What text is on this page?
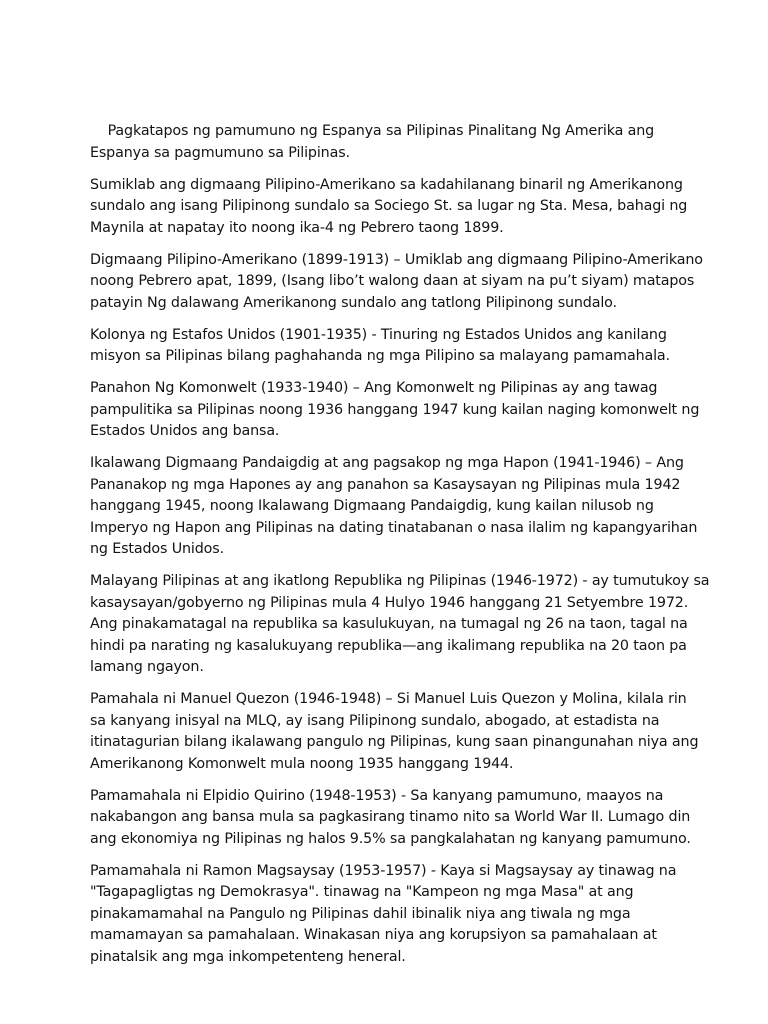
Pagkatapos ng pamumuno ng Espanya sa Pilipinas Pinalitang Ng Amerika ang
Espanya sa pagmumuno sa Pilipinas.

Sumiklab ang digmaang Pilipino-Amerikano sa kadahilanang binaril ng Amerikanong
sundalo ang isang Pilipinong sundalo sa Sociego St. sa lugar ng Sta. Mesa, bahagi ng
Maynila at napatay ito noong ika-4 ng Pebrero taong 1899.

Digmaang Pilipino-Amerikano (1899-1913) – Umiklab ang digmaang Pilipino-Amerikano
noong Pebrero apat, 1899, (Isang libo’t walong daan at siyam na pu’t siyam) matapos
patayin Ng dalawang Amerikanong sundalo ang tatlong Pilipinong sundalo.

Kolonya ng Estafos Unidos (1901-1935) - Tinuring ng Estados Unidos ang kanilang
misyon sa Pilipinas bilang paghahanda ng mga Pilipino sa malayang pamamahala.

Panahon Ng Komonwelt (1933-1940) – Ang Komonwelt ng Pilipinas ay ang tawag
pampulitika sa Pilipinas noong 1936 hanggang 1947 kung kailan naging komonwelt ng
Estados Unidos ang bansa.

Ikalawang Digmaang Pandaigdig at ang pagsakop ng mga Hapon (1941-1946) – Ang
Pananakop ng mga Hapones ay ang panahon sa Kasaysayan ng Pilipinas mula 1942
hanggang 1945, noong Ikalawang Digmaang Pandaigdig, kung kailan nilusob ng
Imperyo ng Hapon ang Pilipinas na dating tinatabanan o nasa ilalim ng kapangyarihan
ng Estados Unidos.

Malayang Pilipinas at ang ikatlong Republika ng Pilipinas (1946-1972) - ay tumutukoy sa
kasaysayan/gobyerno ng Pilipinas mula 4 Hulyo 1946 hanggang 21 Setyembre 1972.
Ang pinakamatagal na republika sa kasulukuyan, na tumagal ng 26 na taon, tagal na
hindi pa narating ng kasalukuyang republika—ang ikalimang republika na 20 taon pa
lamang ngayon.

Pamahala ni Manuel Quezon (1946-1948) – Si Manuel Luis Quezon y Molina, kilala rin
sa kanyang inisyal na MLQ, ay isang Pilipinong sundalo, abogado, at estadista na
itinatagurian bilang ikalawang pangulo ng Pilipinas, kung saan pinangunahan niya ang
Amerikanong Komonwelt mula noong 1935 hanggang 1944.

Pamamahala ni Elpidio Quirino (1948-1953) - Sa kanyang pamumuno, maayos na
nakabangon ang bansa mula sa pagkasirang tinamo nito sa World War II. Lumago din
ang ekonomiya ng Pilipinas ng halos 9.5% sa pangkalahatan ng kanyang pamumuno.

Pamamahala ni Ramon Magsaysay (1953-1957) - Kaya si Magsaysay ay tinawag na
"Tagapagligtas ng Demokrasya". tinawag na "Kampeon ng mga Masa" at ang
pinakamamahal na Pangulo ng Pilipinas dahil ibinalik niya ang tiwala ng mga
mamamayan sa pamahalaan. Winakasan niya ang korupsiyon sa pamahalaan at
pinatalsik ang mga inkompetenteng heneral.
